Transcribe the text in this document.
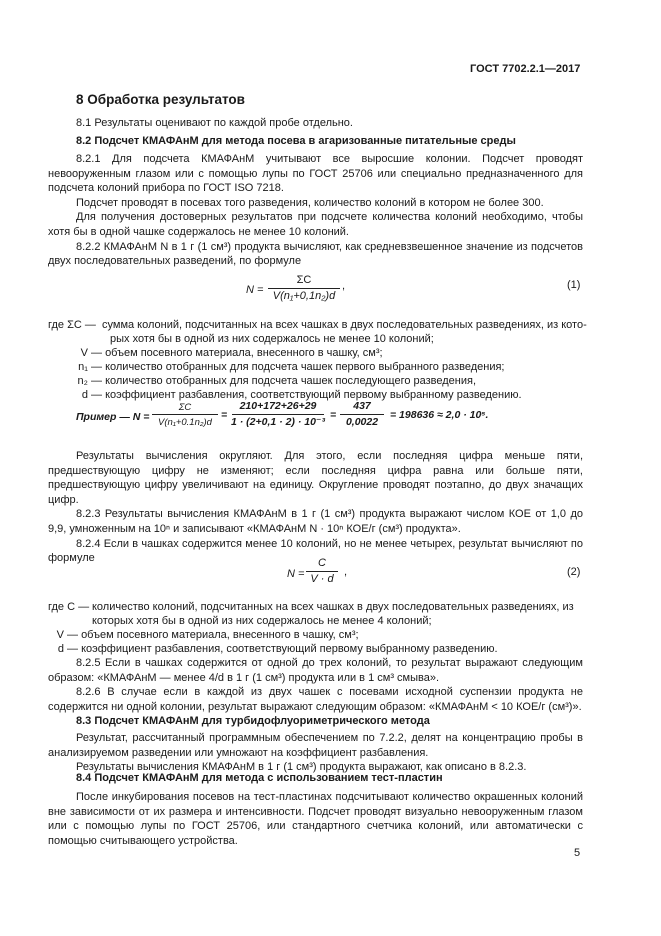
ГОСТ 7702.2.1—2017
8 Обработка результатов
8.1 Результаты оценивают по каждой пробе отдельно.
8.2 Подсчет КМАФАнМ для метода посева в агаризованные питательные среды

8.2.1 Для подсчета КМАФАнМ учитывают все выросшие колонии. Подсчет проводят невооруженным глазом или с помощью лупы по ГОСТ 25706 или специально предназначенного для подсчета колоний прибора по ГОСТ ISO 7218.

Подсчет проводят в посевах того разведения, количество колоний в котором не более 300.

Для получения достоверных результатов при подсчете количества колоний необходимо, чтобы хотя бы в одной чашке содержалось не менее 10 колоний.

8.2.2 КМАФАнМ N в 1 г (1 см³) продукта вычисляют, как средневзвешенное значение из подсчетов двух последовательных разведений, по формуле

N =
ΣC
V(n₁+0,1n₂)d
,	(1)
где ΣC — сумма колоний, подсчитанных на всех чашках в двух последовательных разведениях, из кото-
рых хотя бы в одной из них содержалось не менее 10 колоний;
V — объем посевного материала, внесенного в чашку, см³;
n₁ — количество отобранных для подсчета чашек первого выбранного разведения;
n₂ — количество отобранных для подсчета чашек последующего разведения,
d — коэффициент разбавления, соответствующий первому выбранному разведению.
Пример — N =
ΣC
V(n₁+0.1n₂)d
=
210+172+26+29
1 · (2+0,1 · 2) · 10⁻³
=
437
0,0022
= 198636 ≈ 2,0 · 10⁵.

Результаты вычисления округляют. Для этого, если последняя цифра меньше пяти, предшествующую цифру не изменяют; если последняя цифра равна или больше пяти, предшествующую цифру увеличивают на единицу. Округление проводят поэтапно, до двух значащих цифр.

8.2.3 Результаты вычисления КМАФАнМ в 1 г (1 см³) продукта выражают числом КОЕ от 1,0 до 9,9, умноженным на 10ⁿ и записывают «КМАФАнМ N · 10ⁿ КОЕ/г (см³) продукта».

8.2.4 Если в чашках содержится менее 10 колоний, но не менее четырех, результат вычисляют по формуле

N =
C
V · d
,	(2)
где C — количество колоний, подсчитанных на всех чашках в двух последовательных разведениях, из
которых хотя бы в одной из них содержалось не менее 4 колоний;
V — объем посевного материала, внесенного в чашку, см³;
d — коэффициент разбавления, соответствующий первому выбранному разведению.

8.2.5 Если в чашках содержится от одной до трех колоний, то результат выражают следующим образом: «КМАФАнМ — менее 4/d в 1 г (1 см³) продукта или в 1 см³ смыва».

8.2.6 В случае если в каждой из двух чашек с посевами исходной суспензии продукта не содержится ни одной колонии, результат выражают следующим образом: «КМАФАнМ < 10 КОЕ/г (см³)».

8.3 Подсчет КМАФАнМ для турбидофлуориметрического метода

Результат, рассчитанный программным обеспечением по 7.2.2, делят на концентрацию пробы в анализируемом разведении или умножают на коэффициент разбавления.

Результаты вычисления КМАФАнМ в 1 г (1 см³) продукта выражают, как описано в 8.2.3.

8.4 Подсчет КМАФАнМ для метода с использованием тест-пластин

После инкубирования посевов на тест-пластинах подсчитывают количество окрашенных колоний вне зависимости от их размера и интенсивности. Подсчет проводят визуально невооруженным глазом или с помощью лупы по ГОСТ 25706, или стандартного счетчика колоний, или автоматически с помощью считывающего устройства.

5
